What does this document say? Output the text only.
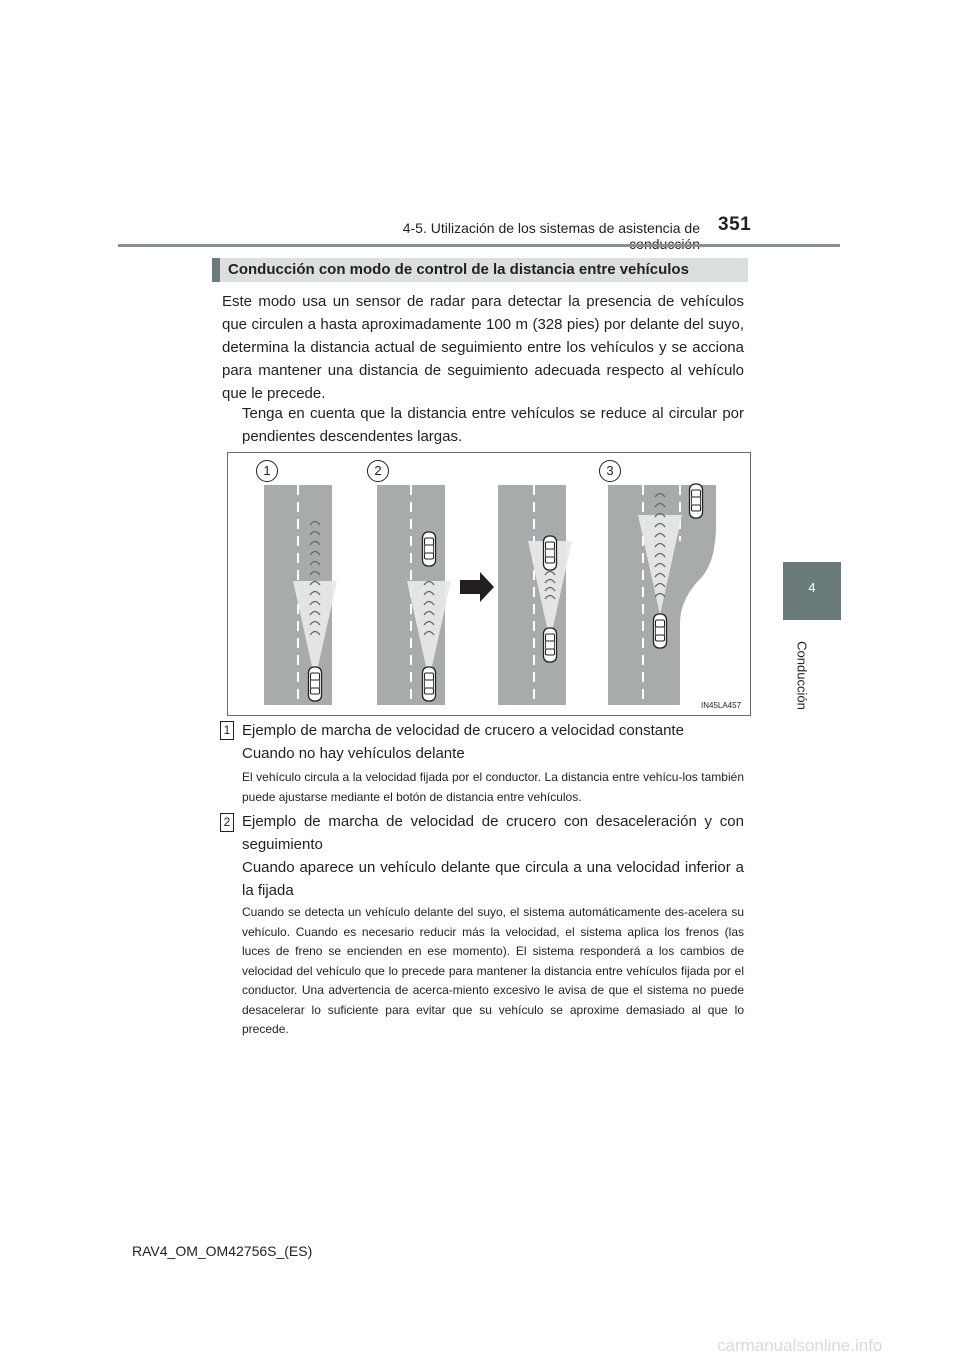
4-5. Utilización de los sistemas de asistencia de 351
4
Conducción
Conducción con modo de control de la distancia entre vehículos
Este modo usa un sensor de radar para detectar la presencia de vehículos que circulen a hasta aproximadamente 100 m (328 pies) por delante del suyo, determina la distancia actual de seguimiento entre los vehículos y se acciona para mantener una distancia de seguimiento adecuada respecto al vehículo que le precede.
Tenga en cuenta que la distancia entre vehículos se reduce al circular por pendientes descendentes largas.
1	2	3
IN45LA457
1 Ejemplo de marcha de velocidad de crucero a velocidad constante
Cuando no hay vehículos delante
El vehículo circula a la velocidad fijada por el conductor. La distancia entre vehícu-los también puede ajustarse mediante el botón de distancia entre vehículos.
2 Ejemplo de marcha de velocidad de crucero con desaceleración y con seguimiento
Cuando aparece un vehículo delante que circula a una velocidad inferior a la fijada
Cuando se detecta un vehículo delante del suyo, el sistema automáticamente des-acelera su vehículo. Cuando es necesario reducir más la velocidad, el sistema aplica los frenos (las luces de freno se encienden en ese momento). El sistema responderá a los cambios de velocidad del vehículo que lo precede para mantener la distancia entre vehículos fijada por el conductor. Una advertencia de acerca-miento excesivo le avisa de que el sistema no puede desacelerar lo suficiente para evitar que su vehículo se aproxime demasiado al que lo precede.
RAV4_OM_OM42756S_(ES)
carmanualsonline.info
